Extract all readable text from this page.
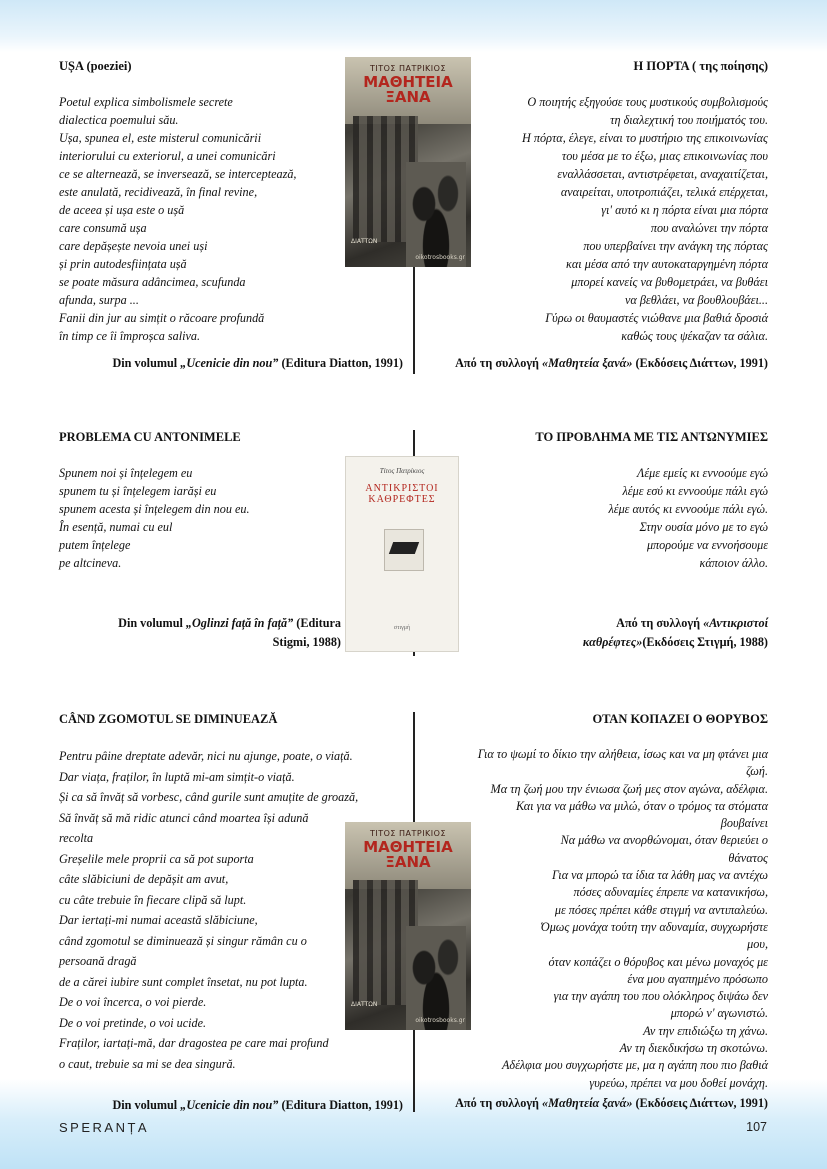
UȘA (poeziei)
Poetul explica simbolismele secrete
dialectica poemului său.
Ușa, spunea el, este misterul comunicării
interiorului cu exteriorul, a unei comunicări
ce se alternează, se inversează, se interceptează,
este anulată, recidivează, în final revine,
de aceea și ușa este o ușă
care consumă ușa
care depășește nevoia unei uși
și prin autodesființata ușă
se poate măsura adâncimea, scufunda
afunda, surpa ...
Fanii din jur au simțit o răcoare profundă
în timp ce îi împroșca saliva.
Din volumul „Ucenicie din nou” (Editura Diatton, 1991)
ΤΙΤΟΣ ΠΑΤΡΙΚΙΟΣ
ΜΑΘΗΤΕΙΑ
ΞΑΝΑ
ΔΙΑΤΤΩΝ
oikotrosbooks.gr
Η ΠΟΡΤΑ ( της ποίησης)
Ο ποιητής εξηγούσε τους μυστικούς συμβολισμούς
τη διαλεχτική του ποιήματός του.
Η πόρτα, έλεγε, είναι το μυστήριο της επικοινωνίας
του μέσα με το έξω, μιας επικοινωνίας που
εναλλάσσεται, αντιστρέφεται, αναχαιτίζεται,
αναιρείται, υποτροπιάζει, τελικά επέρχεται,
γι' αυτό κι η πόρτα είναι μια πόρτα
που αναλώνει την πόρτα
που υπερβαίνει την ανάγκη της πόρτας
και μέσα από την αυτοκαταργημένη πόρτα
μπορεί κανείς να βυθομετράει, να βυθάει
να βεθλάει, να βουθλουβάει...
Γύρω οι θαυμαστές νιώθανε μια βαθιά δροσιά
καθώς τους ψέκαζαν τα σάλια.
Από τη συλλογή «Μαθητεία ξανά» (Εκδόσεις Διάττων, 1991)
PROBLEMA CU ANTONIMELE
Spunem noi și înțelegem eu
spunem tu și înțelegem iarăși eu
spunem acesta și înțelegem din nou eu.
În esență, numai cu eul
putem înțelege
pe altcineva.
Din volumul „Oglinzi față în față” (Editura
Stigmi, 1988)
Τίτος Πατρίκιος
ΑΝΤΙΚΡΙΣΤΟΙ
ΚΑΘΡΕΦΤΕΣ
στιγμή
ΤΟ ΠΡΟΒΛΗΜΑ ΜΕ ΤΙΣ ΑΝΤΩΝΥΜΙΕΣ
Λέμε εμείς κι εννοούμε εγώ
λέμε εσύ κι εννοούμε πάλι εγώ
λέμε αυτός κι εννοούμε πάλι εγώ.
Στην ουσία μόνο με το εγώ
μπορούμε να εννοήσουμε
κάποιον άλλο.
Από τη συλλογή «Αντικριστοί
καθρέφτες»(Εκδόσεις Στιγμή, 1988)
CÂND ZGOMOTUL SE DIMINUEAZĂ
Pentru pâine dreptate adevăr, nici nu ajunge, poate, o viață.
Dar viața, fraților, în luptă mi-am simțit-o viață.
Și ca să învăț să vorbesc, când gurile sunt amuțite de groază,
Să învăț să mă ridic atunci când moartea își adună
recolta
Greșelile mele proprii ca să pot suporta
câte slăbiciuni de depășit am avut,
cu câte trebuie în fiecare clipă să lupt.
Dar iertați-mi numai această slăbiciune,
când zgomotul se diminuează și singur rămân cu o
persoană dragă
de a cărei iubire sunt complet însetat, nu pot lupta.
De o voi încerca, o voi pierde.
De o voi pretinde, o voi ucide.
Fraților, iartați-mă, dar dragostea pe care mai profund
o caut, trebuie sa mi se dea singură.
Din volumul „Ucenicie din nou” (Editura Diatton, 1991)
ΤΙΤΟΣ ΠΑΤΡΙΚΙΟΣ
ΜΑΘΗΤΕΙΑ
ΞΑΝΑ
ΔΙΑΤΤΩΝ
oikotrosbooks.gr
ΟΤΑΝ ΚΟΠΑΖΕΙ Ο ΘΟΡΥΒΟΣ
Για το ψωμί το δίκιο την αλήθεια, ίσως και να μη φτάνει μια
ζωή.
Μα τη ζωή μου την ένιωσα ζωή μες στον αγώνα, αδέλφια.
Και για να μάθω να μιλώ, όταν ο τρόμος τα στόματα
βουβαίνει
Να μάθω να ανορθώνομαι, όταν θεριεύει ο
θάνατος
Για να μπορώ τα ίδια τα λάθη μας να αντέχω
πόσες αδυναμίες έπρεπε να κατανικήσω,
με πόσες πρέπει κάθε στιγμή να αντιπαλεύω.
Όμως μονάχα τούτη την αδυναμία, συγχωρήστε
μου,
όταν κοπάζει ο θόρυβος και μένω μοναχός με
ένα μου αγαπημένο πρόσωπο
για την αγάπη του που ολόκληρος διψάω δεν
μπορώ ν' αγωνιστώ.
Αν την επιδιώξω τη χάνω.
Αν τη διεκδικήσω τη σκοτώνω.
Αδέλφια μου συγχωρήστε με, μα η αγάπη που πιο βαθιά
γυρεύω, πρέπει να μου δοθεί μονάχη.
Από τη συλλογή «Μαθητεία ξανά» (Εκδόσεις Διάττων, 1991)
SPERANȚA	107
